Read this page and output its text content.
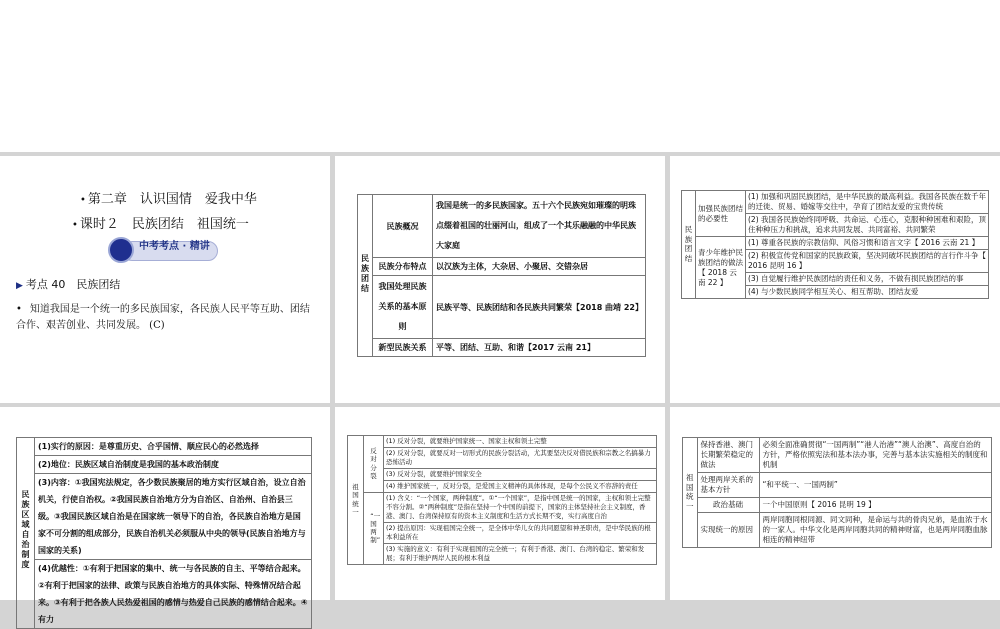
• 第二章　认识国情　爱我中华
• 课时２　民族团结　祖国统一
中考考点 · 精讲
▶ 考点 40　民族团结
• 知道我国是一个统一的多民族国家，各民族人民平等互助、团结合作、艰苦创业、共同发展。 (C)
民族团结	民族概况	我国是统一的多民族国家。五十六个民族宛如璀璨的明珠点缀着祖国的壮丽河山，组成了一个其乐融融的中华民族大家庭
	民族分布特点	以汉族为主体，大杂居、小聚居、交错杂居
	我国处理民族关系的基本原则	民族平等、民族团结和各民族共同繁荣【2018 曲靖 22】
	新型民族关系	平等、团结、互助、和谐【2017 云南 21】
民族团结	加强民族团结的必要性	(1) 加强和巩固民族团结，是中华民族的最高利益。我国各民族在数千年的迁徙、贸易、婚嫁等交往中，孕育了团结友爱的宝贵传统
		(2) 我国各民族始终同呼吸、共命运、心连心，克服种种困难和艰险，顶住种种压力和挑战，追求共同发展、共同富裕、共同繁荣
	青少年维护民族团结的做法【 2018 云南 22 】	(1) 尊重各民族的宗教信仰、风俗习惯和语言文字【 2016 云南 21 】
		(2) 积极宣传党和国家的民族政策，坚决同破坏民族团结的言行作斗争【 2016 昆明 16 】
		(3) 自觉履行维护民族团结的责任和义务，不做有损民族团结的事
		(4) 与少数民族同学相互关心、相互帮助、团结友爱
民族区域自治制度	(1)实行的原因：是尊重历史、合乎国情、顺应民心的必然选择
(2)地位：民族区域自治制度是我国的基本政治制度
(3)内容：①我国宪法规定，各少数民族聚居的地方实行区域自治，设立自治机关，行使自治权。②我国民族自治地方分为自治区、自治州、自治县三级。③我国民族区域自治是在国家统一领导下的自治，各民族自治地方是国家不可分割的组成部分，民族自治机关必须服从中央的领导(民族自治地方与国家的关系)
(4)优越性：①有利于把国家的集中、统一与各民族的自主、平等结合起来。②有利于把国家的法律、政策与民族自治地方的具体实际、特殊情况结合起来。③有利于把各族人民热爱祖国的感情与热爱自己民族的感情结合起来。④有力
祖国统一	反对分裂	(1) 反对分裂，就要维护国家统一、国家主权和领土完整
		(2) 反对分裂，就要反对一切形式的民族分裂活动，尤其要坚决反对借民族和宗教之名搞暴力恐怖活动
		(3) 反对分裂，就要维护国家安全
		(4) 维护国家统一，反对分裂，是爱国主义精神的具体体现，是每个公民义不容辞的责任
	“一国两制”	(1) 含义：“一个国家，两种制度”。①“一个国家”，是指中国是统一的国家，主权和领土完整不容分割。②“两种制度”是指在坚持一个中国的前提下，国家的主体坚持社会主义制度，香港、澳门、台湾保持原有的资本主义制度和生活方式长期不变，实行高度自治
		(2) 提出原因：实现祖国完全统一，是全体中华儿女的共同愿望和神圣职责，是中华民族的根本利益所在
		(3) 实施的意义：有利于实现祖国的完全统一；有利于香港、澳门、台湾的稳定、繁荣和发展；有利于维护两岸人民的根本利益
祖国统一	保持香港、澳门长期繁荣稳定的做法	必须全面准确贯彻“一国两制”“港人治港”“澳人治澳”、高度自治的方针，严格依照宪法和基本法办事，完善与基本法实施相关的制度和机制
	处理两岸关系的基本方针	“和平统一、一国两制”
	政治基础	一个中国原则【 2016 昆明 19 】
	实现统一的原因	两岸同胞同根同源、同文同种，是命运与共的骨肉兄弟，是血浓于水的一家人。中华文化是两岸同胞共同的精神财富，也是两岸同胞血脉相连的精神纽带
